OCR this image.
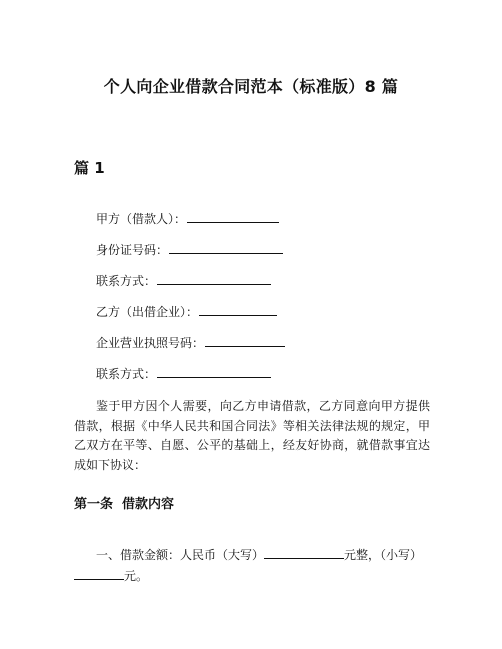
个人向企业借款合同范本（标准版）8 篇
篇 1
甲方（借款人）：
身份证号码：
联系方式：
乙方（出借企业）：
企业营业执照号码：
联系方式：
鉴于甲方因个人需要，向乙方申请借款，乙方同意向甲方提供借款，根据《中华人民共和国合同法》等相关法律法规的规定，甲乙双方在平等、自愿、公平的基础上，经友好协商，就借款事宜达成如下协议：
第一条  借款内容
一、借款金额：人民币（大写）	元整，（小写）
元。
